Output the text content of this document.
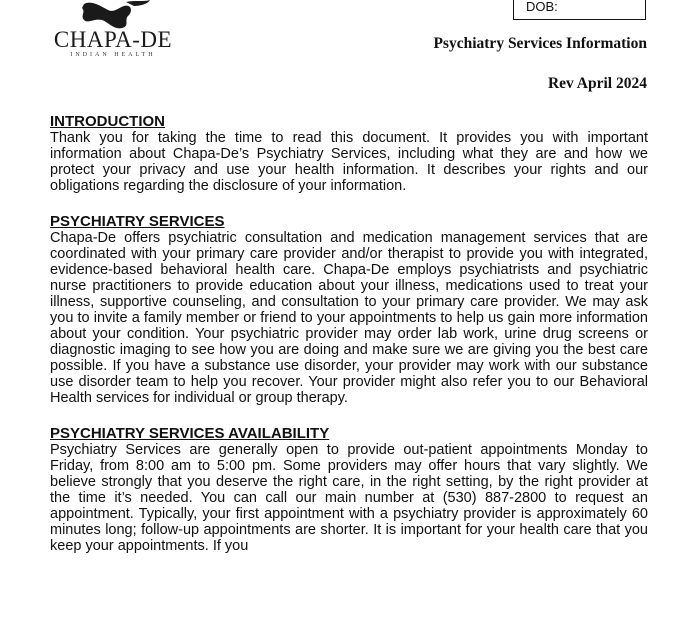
CHAPA-DE
INDIAN HEALTH
DOB:
Psychiatry Services Information
Rev April 2024
INTRODUCTION

Thank you for taking the time to read this document. It provides you with important information about Chapa-De’s Psychiatry Services, including what they are and how we protect your privacy and use your health information. It describes your rights and our obligations regarding the disclosure of your information.

PSYCHIATRY SERVICES

Chapa-De offers psychiatric consultation and medication management services that are coordinated with your primary care provider and/or therapist to provide you with integrated, evidence-based behavioral health care. Chapa-De employs psychiatrists and psychiatric nurse practitioners to provide education about your illness, medications used to treat your illness, supportive counseling, and consultation to your primary care provider. We may ask you to invite a family member or friend to your appointments to help us gain more information about your condition. Your psychiatric provider may order lab work, urine drug screens or diagnostic imaging to see how you are doing and make sure we are giving you the best care possible. If you have a substance use disorder, your provider may work with our substance use disorder team to help you recover. Your provider might also refer you to our Behavioral Health services for individual or group therapy.

PSYCHIATRY SERVICES AVAILABILITY

Psychiatry Services are generally open to provide out-patient appointments Monday to Friday, from 8:00 am to 5:00 pm. Some providers may offer hours that vary slightly. We believe strongly that you deserve the right care, in the right setting, by the right provider at the time it’s needed. You can call our main number at (530) 887-2800 to request an appointment. Typically, your first appointment with a psychiatry provider is approximately 60 minutes long; follow-up appointments are shorter. It is important for your health care that you keep your appointments. If you
